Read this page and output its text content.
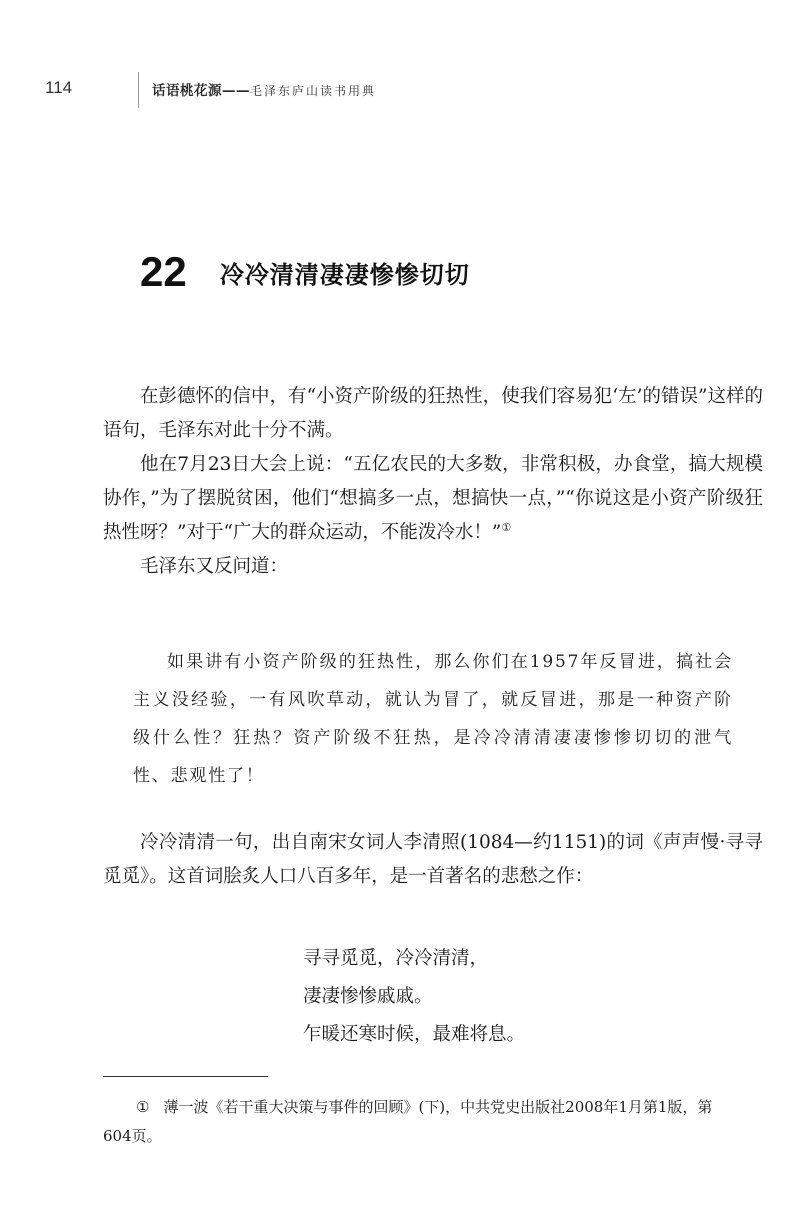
114	话语桃花源——毛泽东庐山读书用典
22 冷冷清清凄凄惨惨切切

在彭德怀的信中，有“小资产阶级的狂热性，使我们容易犯‘左’的错误”这样的语句，毛泽东对此十分不满。

他在7月23日大会上说：“五亿农民的大多数，非常积极，办食堂，搞大规模协作，”为了摆脱贫困，他们“想搞多一点，想搞快一点，”“你说这是小资产阶级狂热性呀？”对于“广大的群众运动，不能泼冷水！”①

毛泽东又反问道：

如果讲有小资产阶级的狂热性，那么你们在1957年反冒进，搞社会主义没经验，一有风吹草动，就认为冒了，就反冒进，那是一种资产阶级什么性？狂热？资产阶级不狂热，是冷冷清清凄凄惨惨切切的泄气性、悲观性了！

冷冷清清一句，出自南宋女词人李清照(1084—约1151)的词《声声慢·寻寻觅觅》。这首词脍炙人口八百多年，是一首著名的悲愁之作：

寻寻觅觅，冷冷清清，
凄凄惨惨戚戚。
乍暖还寒时候，最难将息。

① 薄一波《若干重大决策与事件的回顾》(下)，中共党史出版社2008年1月第1版，第

604页。
